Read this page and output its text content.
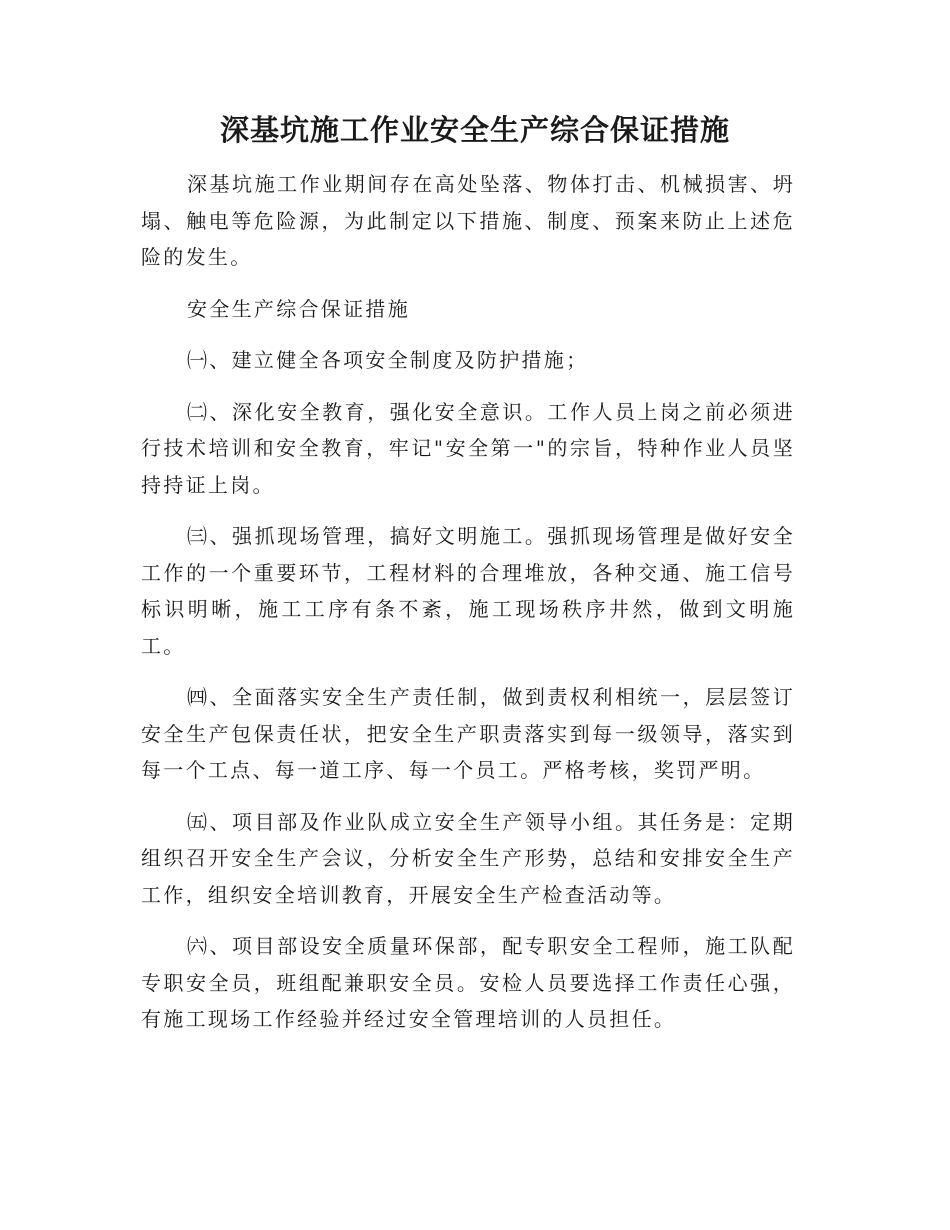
深基坑施工作业安全生产综合保证措施

深基坑施工作业期间存在高处坠落、物体打击、机械损害、坍塌、触电等危险源，为此制定以下措施、制度、预案来防止上述危险的发生。

安全生产综合保证措施

㈠、建立健全各项安全制度及防护措施；

㈡、深化安全教育，强化安全意识。工作人员上岗之前必须进行技术培训和安全教育，牢记"安全第一"的宗旨，特种作业人员坚持持证上岗。

㈢、强抓现场管理，搞好文明施工。强抓现场管理是做好安全工作的一个重要环节，工程材料的合理堆放，各种交通、施工信号标识明晰，施工工序有条不紊，施工现场秩序井然，做到文明施工。

㈣、全面落实安全生产责任制，做到责权利相统一，层层签订安全生产包保责任状，把安全生产职责落实到每一级领导，落实到每一个工点、每一道工序、每一个员工。严格考核，奖罚严明。

㈤、项目部及作业队成立安全生产领导小组。其任务是：定期组织召开安全生产会议，分析安全生产形势，总结和安排安全生产工作，组织安全培训教育，开展安全生产检查活动等。

㈥、项目部设安全质量环保部，配专职安全工程师，施工队配专职安全员，班组配兼职安全员。安检人员要选择工作责任心强，有施工现场工作经验并经过安全管理培训的人员担任。
